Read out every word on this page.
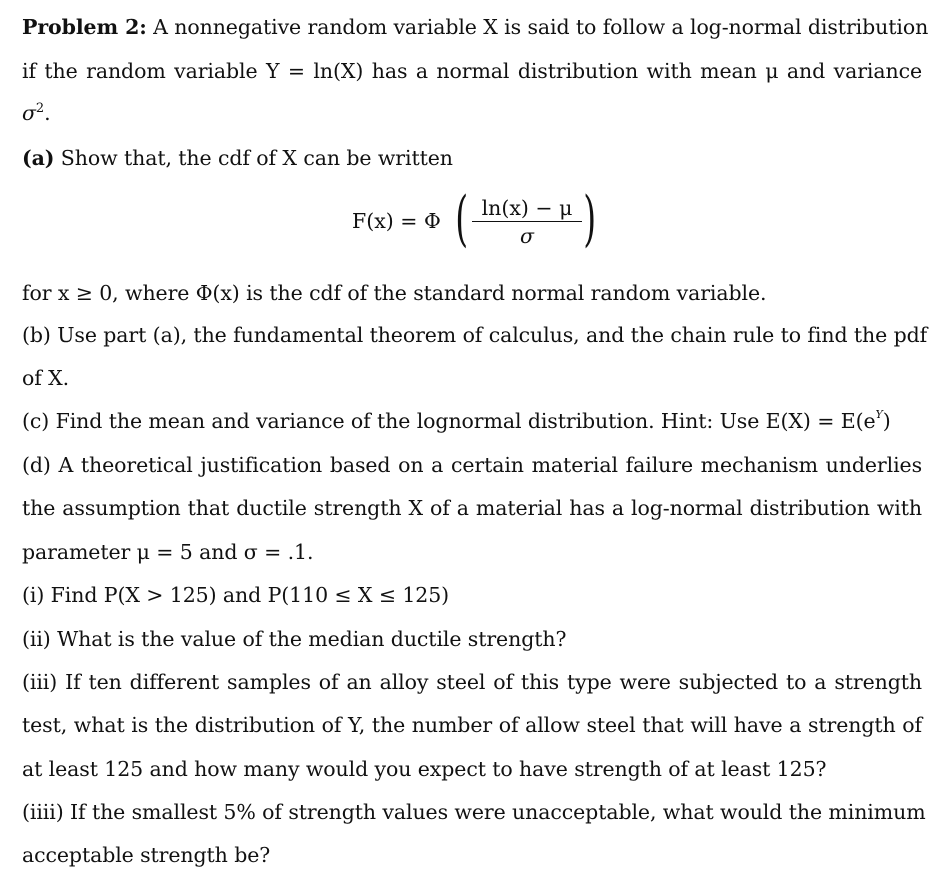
Problem 2: A nonnegative random variable X is said to follow a log-normal distribution
if the random variable Y = ln(X) has a normal distribution with mean μ and variance
$\sigma^2$.
(a) Show that, the cdf of X can be written
F(x) = Φ ( ln(x) − μ
σ )
for x ≥ 0, where Φ(x) is the cdf of the standard normal random variable.
(b) Use part (a), the fundamental theorem of calculus, and the chain rule to find the pdf
of X.
(c) Find the mean and variance of the lognormal distribution. Hint: Use $E(X) = E(e^Y)$
(d) A theoretical justification based on a certain material failure mechanism underlies
the assumption that ductile strength X of a material has a log-normal distribution with
parameter μ = 5 and σ = .1.
(i) Find P(X > 125) and P(110 ≤ X ≤ 125)
(ii) What is the value of the median ductile strength?
(iii) If ten different samples of an alloy steel of this type were subjected to a strength
test, what is the distribution of Y, the number of allow steel that will have a strength of
at least 125 and how many would you expect to have strength of at least 125?
(iiii) If the smallest 5% of strength values were unacceptable, what would the minimum
acceptable strength be?
